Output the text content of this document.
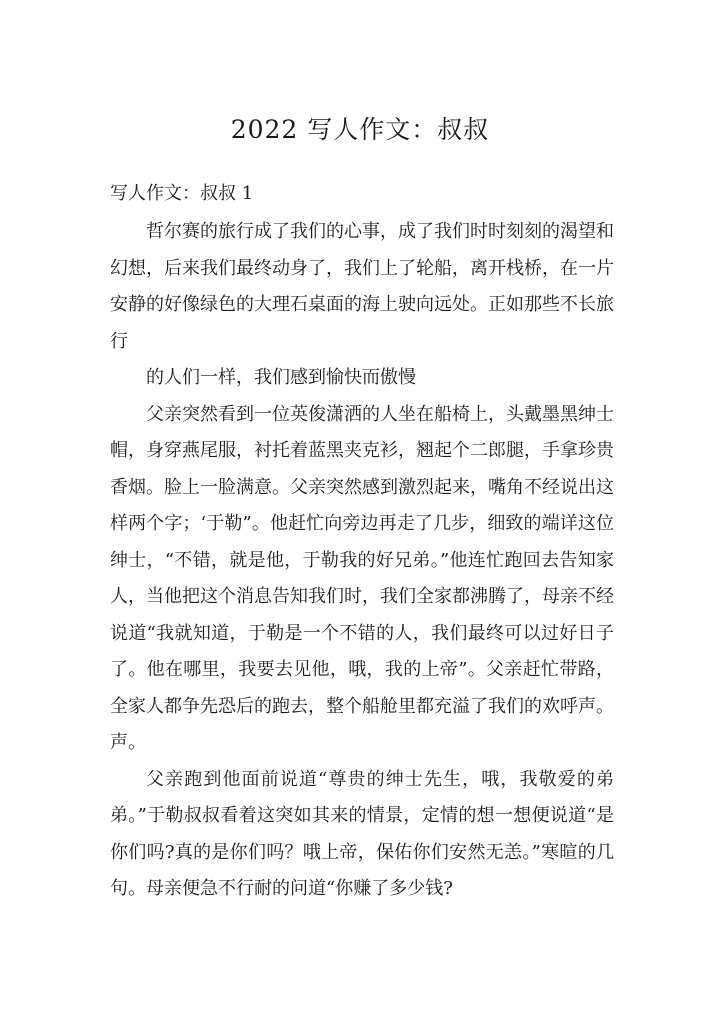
2022 写人作文：叔叔
写人作文：叔叔 1

哲尔赛的旅行成了我们的心事，成了我们时时刻刻的渴望和幻想，后来我们最终动身了，我们上了轮船，离开栈桥，在一片安静的好像绿色的大理石桌面的海上驶向远处。正如那些不长旅行

的人们一样，我们感到愉快而傲慢

父亲突然看到一位英俊潇洒的人坐在船椅上，头戴墨黑绅士帽，身穿燕尾服，衬托着蓝黑夹克衫，翘起个二郎腿，手拿珍贵香烟。脸上一脸满意。父亲突然感到激烈起来，嘴角不经说出这样两个字；‘于勒”。他赶忙向旁边再走了几步，细致的端详这位绅士，“不错，就是他，于勒我的好兄弟。”他连忙跑回去告知家人，当他把这个消息告知我们时，我们全家都沸腾了，母亲不经说道“我就知道，于勒是一个不错的人，我们最终可以过好日子了。他在哪里，我要去见他，哦，我的上帝”。父亲赶忙带路，全家人都争先恐后的跑去，整个船舱里都充溢了我们的欢呼声。声。

父亲跑到他面前说道“尊贵的绅士先生，哦，我敬爱的弟弟。”于勒叔叔看着这突如其来的情景，定情的想一想便说道“是你们吗?真的是你们吗？哦上帝，保佑你们安然无恙。”寒暄的几句。母亲便急不行耐的问道“你赚了多少钱?
